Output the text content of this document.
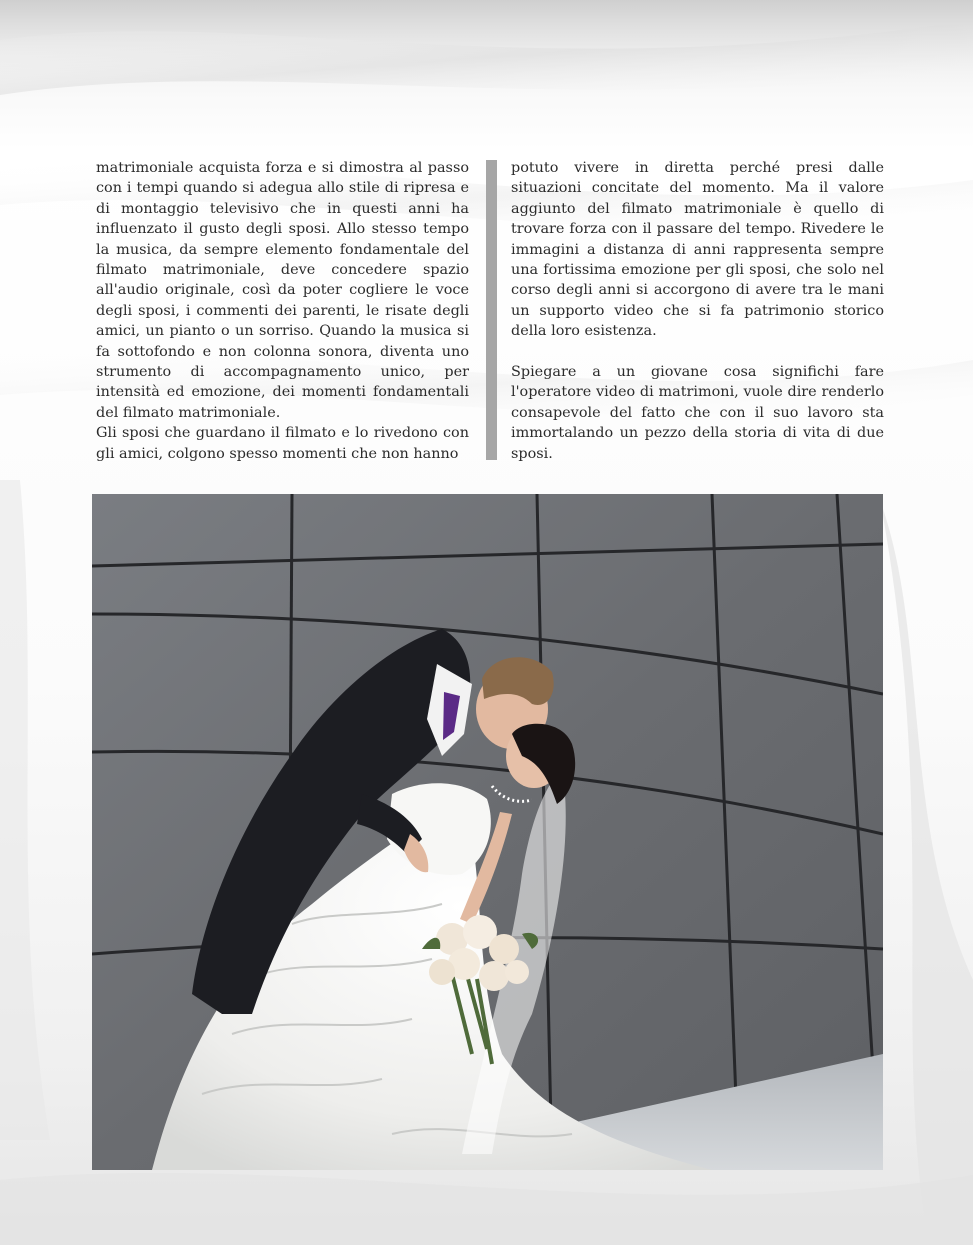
matrimoniale acquista forza e si dimostra al passo con i tempi quando si adegua allo stile di ripresa e di montaggio televisivo che in questi anni ha influenzato il gusto degli sposi. Allo stesso tempo la musica, da sempre elemento fondamentale del filmato matrimoniale, deve concedere spazio all'audio originale, così da poter cogliere le voce degli sposi, i commenti dei parenti, le risate degli amici, un pianto o un sorriso. Quando la musica si fa sottofondo e non colonna sonora, diventa uno strumento di accompagnamento unico, per intensità ed emozione, dei momenti fondamentali del filmato matrimoniale.

Gli sposi che guardano il filmato e lo rivedono con gli amici, colgono spesso momenti che non hanno

potuto vivere in diretta perché presi dalle situazioni concitate del momento. Ma il valore aggiunto del filmato matrimoniale è quello di trovare forza con il passare del tempo. Rivedere le immagini a distanza di anni rappresenta sempre una fortissima emozione per gli sposi, che solo nel corso degli anni si accorgono di avere tra le mani un supporto video che si fa patrimonio storico della loro esistenza.

Spiegare a un giovane cosa significhi fare l'operatore video di matrimoni, vuole dire renderlo consapevole del fatto che con il suo lavoro sta immortalando un pezzo della storia di vita di due sposi.
